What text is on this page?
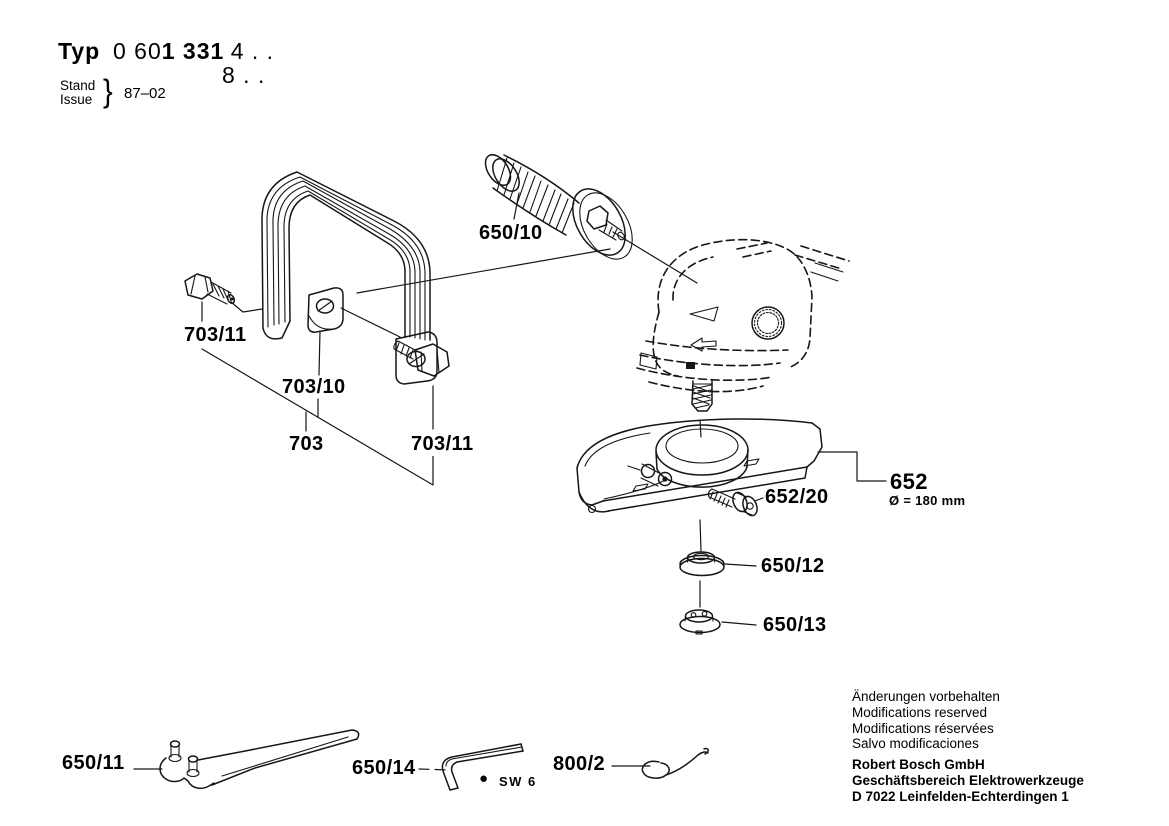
Typ 0 601 331 4 . .
8 . .
Stand
Issue } 87–02
650/10
703/11
703/10
703	703/11
652/20
652
Ø = 180 mm
650/12
650/13
650/11	650/14	● SW 6
800/2
Änderungen vorbehalten
Modifications reserved
Modifications réservées
Salvo modificaciones
Robert Bosch GmbH
Geschäftsbereich Elektrowerkzeuge
D 7022 Leinfelden-Echterdingen 1
